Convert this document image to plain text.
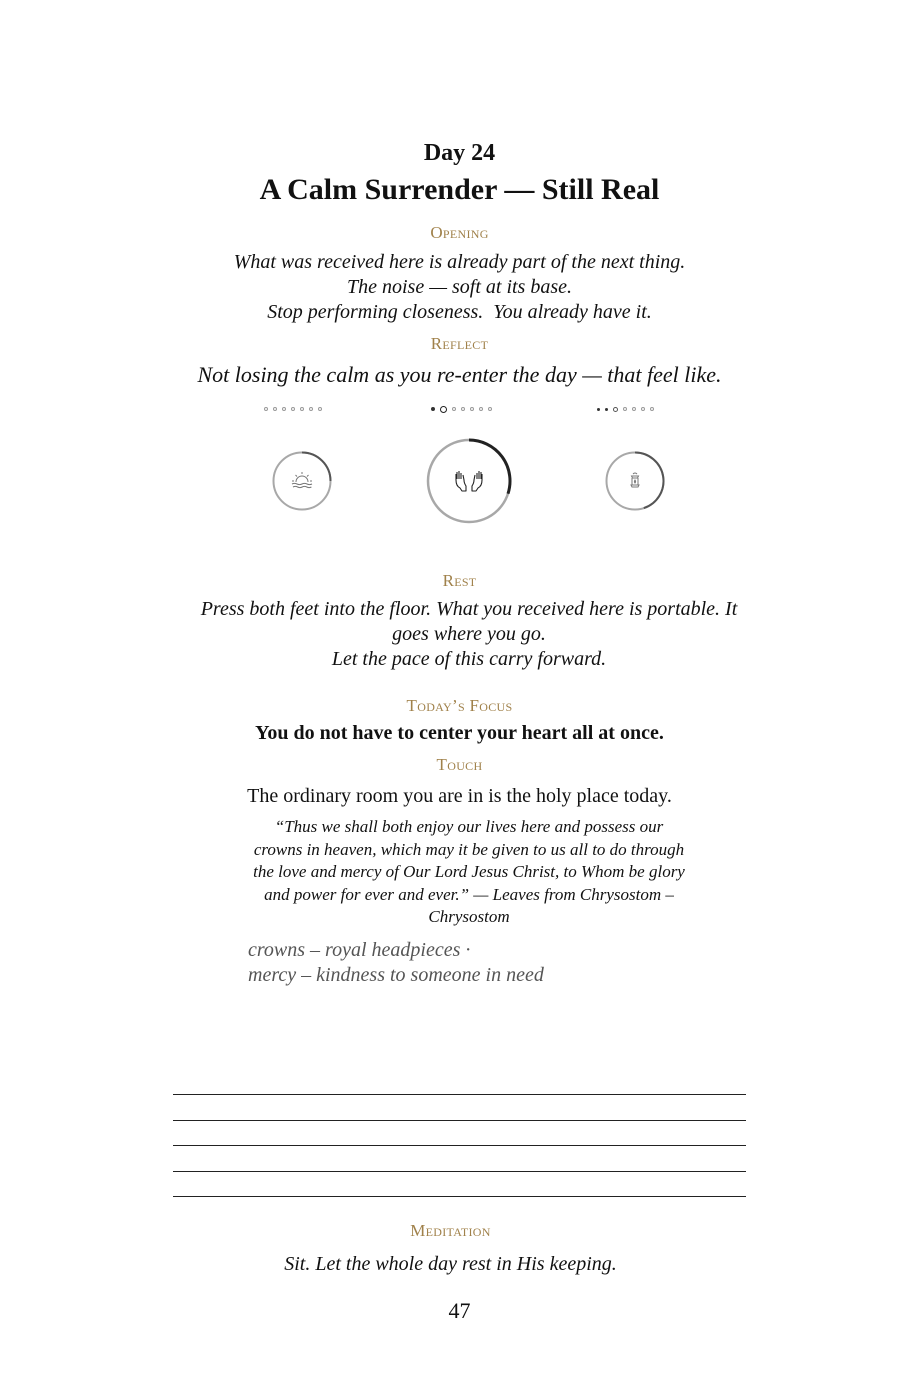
Day 24
A Calm Surrender — Still Real
Opening
What was received here is already part of the next thing.
The noise — soft at its base.
Stop performing closeness.  You already have it.
Reflect
Not losing the calm as you re-enter the day — that feel like.
Rest
Press both feet into the floor. What you received here is portable. It goes where you go.
Let the pace of this carry forward.
Today’s Focus
You do not have to center your heart all at once.
Touch
The ordinary room you are in is the holy place today.
“Thus we shall both enjoy our lives here and possess our crowns in heaven, which may it be given to us all to do through the love and mercy of Our Lord Jesus Christ, to Whom be glory and power for ever and ever.” — Leaves from Chrysostom – Chrysostom
crowns – royal headpieces ·
mercy – kindness to someone in need
Meditation
Sit. Let the whole day rest in His keeping.
47
